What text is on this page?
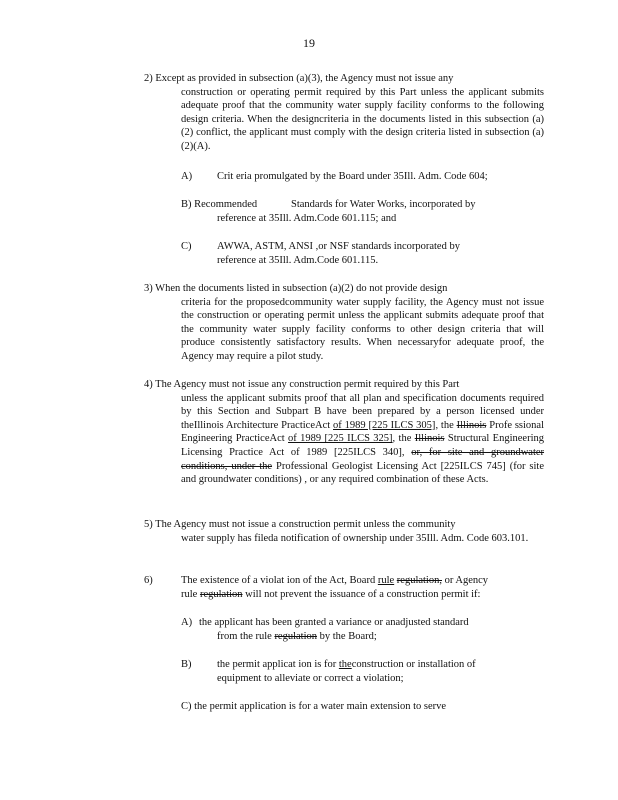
19
2) Except as provided in subsection (a)(3), the Agency must not issue any
construction or operating permit required by this Part unless the applicant submits adequate proof that the community water supply facility conforms to the following design criteria. When the designcriteria in the documents listed in this subsection (a)(2) conflict, the applicant must comply with the design criteria listed in subsection (a)(2)(A).
A) Crit eria promulgated by the Board under 35Ill. Adm. Code 604;
B) Recommended	Standards for Water Works, incorporated by
reference at 35Ill. Adm.Code 601.115; and
C) AWWA, ASTM, ANSI ,or NSF standards incorporated by
reference at 35Ill. Adm.Code 601.115.
3) When the documents listed in subsection (a)(2) do not provide design
criteria for the proposedcommunity water supply facility, the Agency must not issue the construction or operating permit unless the applicant submits adequate proof that the community water supply facility conforms to other design criteria that will produce consistently satisfactory results. When necessaryfor adequate proof, the Agency may require a pilot study.
4) The Agency must not issue any construction permit required by this Part
unless the applicant submits proof that all plan and specification documents required by this Section and Subpart B have been prepared by a person licensed under theIllinois Architecture PracticeAct of 1989 [225 ILCS 305], the Illinois Profe ssional Engineering PracticeAct of 1989 [225 ILCS 325], the Illinois Structural Engineering Licensing Practice Act of 1989 [225ILCS 340], or, for site and groundwater conditions, under the Professional Geologist Licensing Act [225ILCS 745] (for site and groundwater conditions) , or any required combination of these Acts.
5) The Agency must not issue a construction permit unless the community
water supply has fileda notification of ownership under 35Ill. Adm. Code 603.101.
6)	The existence of a violat ion of the Act, Board rule regulation, or Agency
rule regulation will not prevent the issuance of a construction permit if:
A) the applicant has been granted a variance or anadjusted standard
from the rule regulation by the Board;
B) the permit applicat ion is for theconstruction or installation of
equipment to alleviate or correct a violation;
C) the permit application is for a water main extension to serve
